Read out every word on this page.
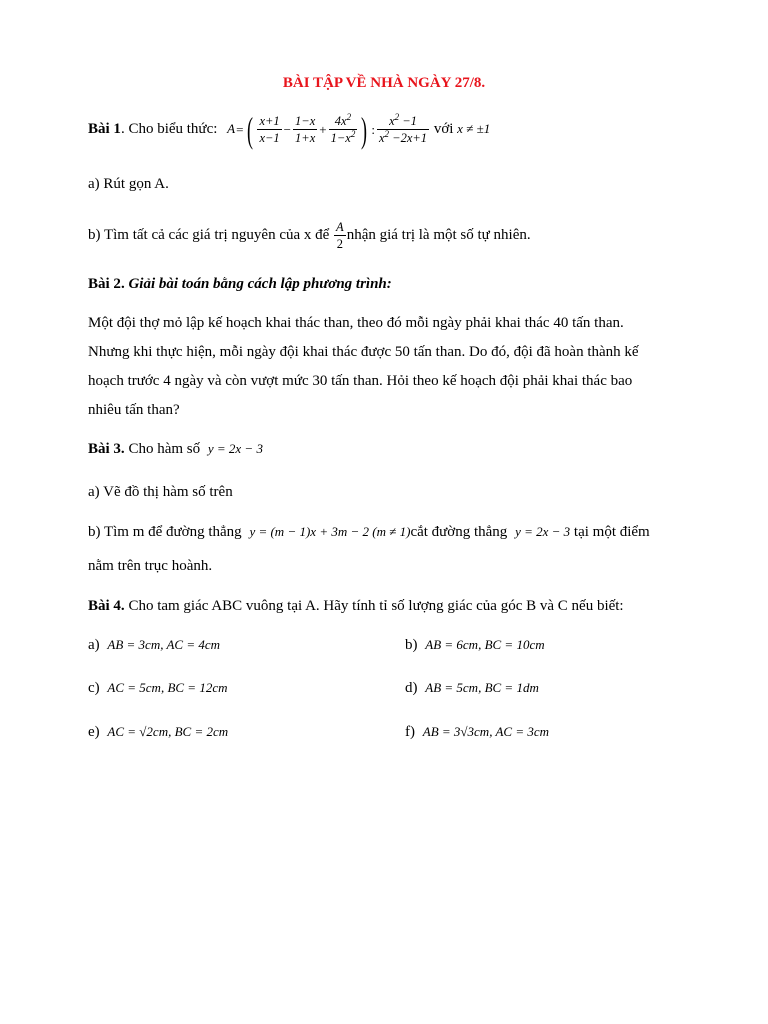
BÀI TẬP VỀ NHÀ NGÀY 27/8.
Bài 1. Cho biểu thức: A= ( $\frac{x+1}{x-1} - \frac{1-x}{1+x} + \frac{4x^2}{1-x^2}$ ) : $\frac{x^2 -1}{x^2 -2x+1}$ với x ≠ ±1
a) Rút gọn A.
b) Tìm tất cả các giá trị nguyên của x để $\frac{A}{2}$ nhận giá trị là một số tự nhiên.
Bài 2. Giải bài toán bằng cách lập phương trình:
Một đội thợ mỏ lập kế hoạch khai thác than, theo đó mỗi ngày phải khai thác 40 tấn than.
Nhưng khi thực hiện, mỗi ngày đội khai thác được 50 tấn than. Do đó, đội đã hoàn thành kế
hoạch trước 4 ngày và còn vượt mức 30 tấn than. Hỏi theo kế hoạch đội phải khai thác bao
nhiêu tấn than?
Bài 3. Cho hàm số y = 2x − 3
a) Vẽ đồ thị hàm số trên
b) Tìm m để đường thẳng y = (m − 1)x + 3m − 2 (m ≠ 1)cắt đường thẳng y = 2x − 3 tại một điểm
nằm trên trục hoành.
Bài 4. Cho tam giác ABC vuông tại A. Hãy tính tỉ số lượng giác của góc B và C nếu biết:
a) AB = 3cm, AC = 4cm	b) AB = 6cm, BC = 10cm
c) AC = 5cm, BC = 12cm	d) AB = 5cm, BC = 1dm
e) AC = √2cm, BC = 2cm	f) AB = 3√3cm, AC = 3cm
